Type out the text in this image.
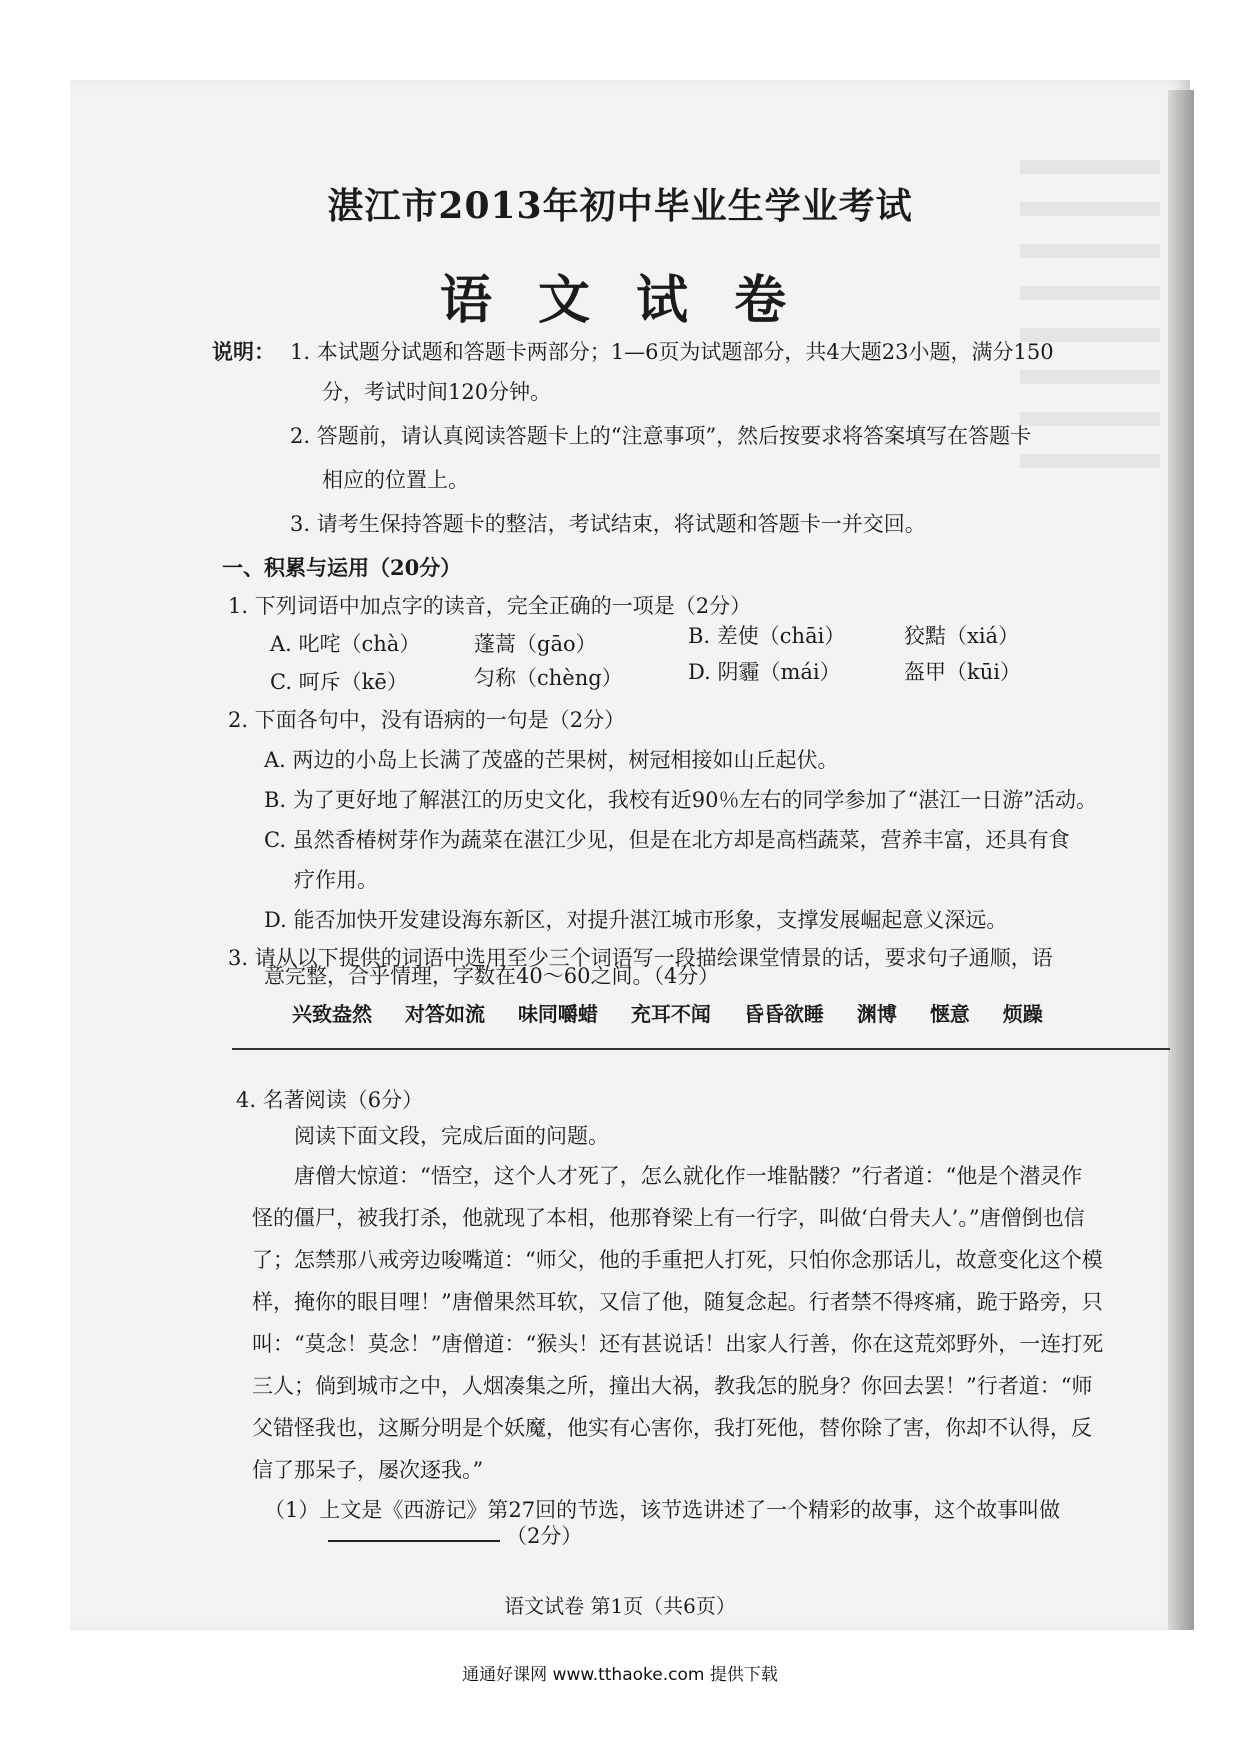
湛江市2013年初中毕业生学业考试
语 文 试 卷
说明： 1. 本试题分试题和答题卡两部分；1—6页为试题部分，共4大题23小题，满分150
分，考试时间120分钟。
2. 答题前，请认真阅读答题卡上的“注意事项”，然后按要求将答案填写在答题卡
相应的位置上。
3. 请考生保持答题卡的整洁，考试结束，将试题和答题卡一并交回。
一、积累与运用（20分）
1. 下列词语中加点字的读音，完全正确的一项是（2分）
A. 叱咤（chà）	蓬蒿（gāo）	B. 差使（chāi）	狡黠（xiá）
C. 呵斥（kē）	匀称（chèng）	D. 阴霾（mái）	盔甲（kūi）
2. 下面各句中，没有语病的一句是（2分）
A. 两边的小岛上长满了茂盛的芒果树，树冠相接如山丘起伏。
B. 为了更好地了解湛江的历史文化，我校有近90％左右的同学参加了“湛江一日游”活动。
C. 虽然香椿树芽作为蔬菜在湛江少见，但是在北方却是高档蔬菜，营养丰富，还具有食
疗作用。
D. 能否加快开发建设海东新区，对提升湛江城市形象，支撑发展崛起意义深远。
3. 请从以下提供的词语中选用至少三个词语写一段描绘课堂情景的话，要求句子通顺，语
意完整，合乎情理，字数在40～60之间。（4分）
兴致盎然 对答如流 味同嚼蜡 充耳不闻 昏昏欲睡 渊博 惬意 烦躁
4. 名著阅读（6分）
阅读下面文段，完成后面的问题。
唐僧大惊道：“悟空，这个人才死了，怎么就化作一堆骷髅？”行者道：“他是个潜灵作
怪的僵尸，被我打杀，他就现了本相，他那脊梁上有一行字，叫做‘白骨夫人’。”唐僧倒也信
了；怎禁那八戒旁边唆嘴道：“师父，他的手重把人打死，只怕你念那话儿，故意变化这个模
样，掩你的眼目哩！”唐僧果然耳软，又信了他，随复念起。行者禁不得疼痛，跪于路旁，只
叫：“莫念！莫念！”唐僧道：“猴头！还有甚说话！出家人行善，你在这荒郊野外，一连打死
三人；倘到城市之中，人烟凑集之所，撞出大祸，教我怎的脱身？你回去罢！”行者道：“师
父错怪我也，这厮分明是个妖魔，他实有心害你，我打死他，替你除了害，你却不认得，反
信了那呆子，屡次逐我。”
（1）上文是《西游记》第27回的节选，该节选讲述了一个精彩的故事，这个故事叫做
（2分）
语文试卷 第1页（共6页）
通通好课网 www.tthaoke.com 提供下载
